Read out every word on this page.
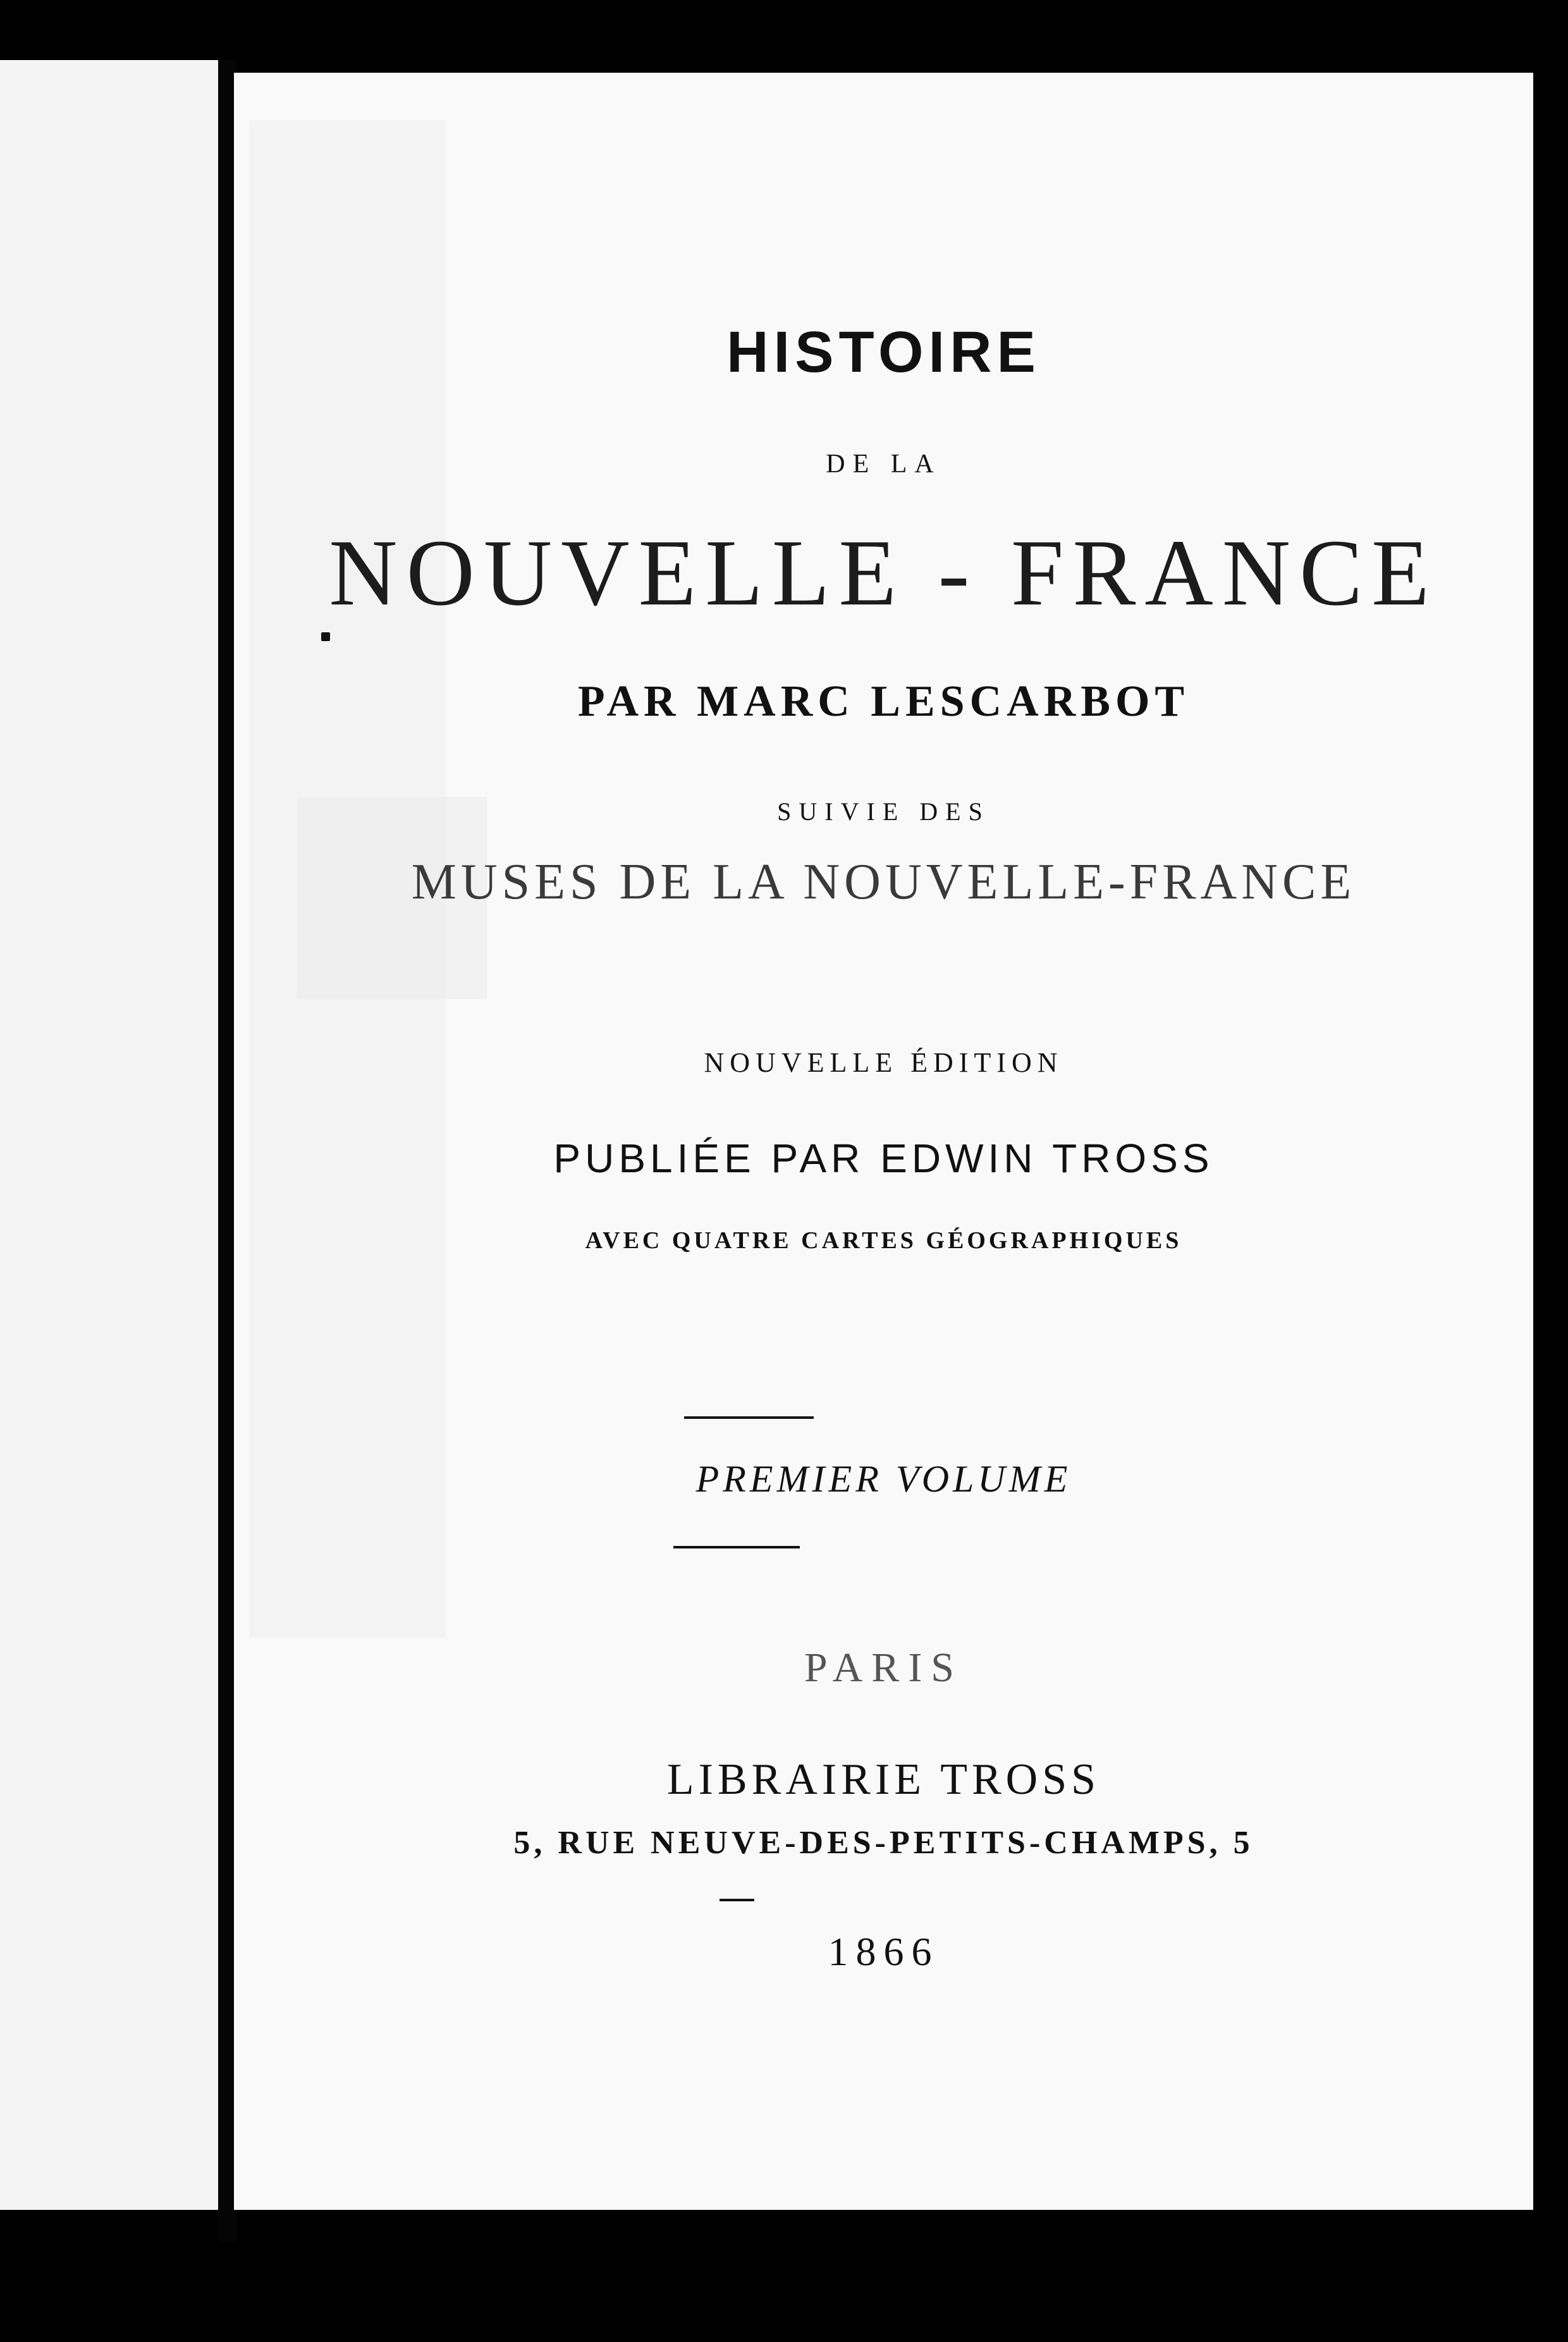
HISTOIRE
DE LA
NOUVELLE - FRANCE
PAR MARC LESCARBOT
SUIVIE DES
MUSES DE LA NOUVELLE-FRANCE
NOUVELLE ÉDITION
PUBLIÉE PAR EDWIN TROSS
AVEC QUATRE CARTES GÉOGRAPHIQUES
PREMIER VOLUME
PARIS
LIBRAIRIE TROSS
5, RUE NEUVE-DES-PETITS-CHAMPS, 5
1866
